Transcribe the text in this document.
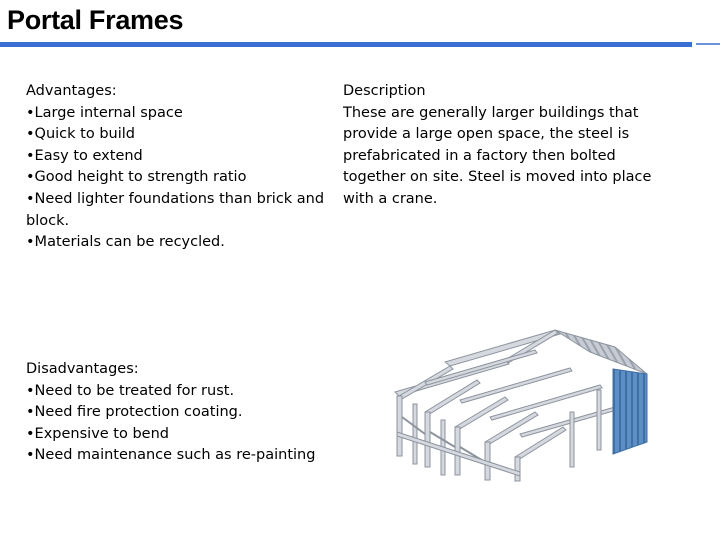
Portal Frames

Advantages:

•Large internal space

•Quick to build

•Easy to extend

•Good height to strength ratio

•Need lighter foundations than brick and block.

•Materials can be recycled.

Disadvantages:

•Need to be treated for rust.

•Need fire protection coating.

•Expensive to bend

•Need maintenance such as re-painting

Description

These are generally larger buildings that provide a large open space, the steel is prefabricated in a factory then bolted together on site. Steel is moved into place with a crane.
